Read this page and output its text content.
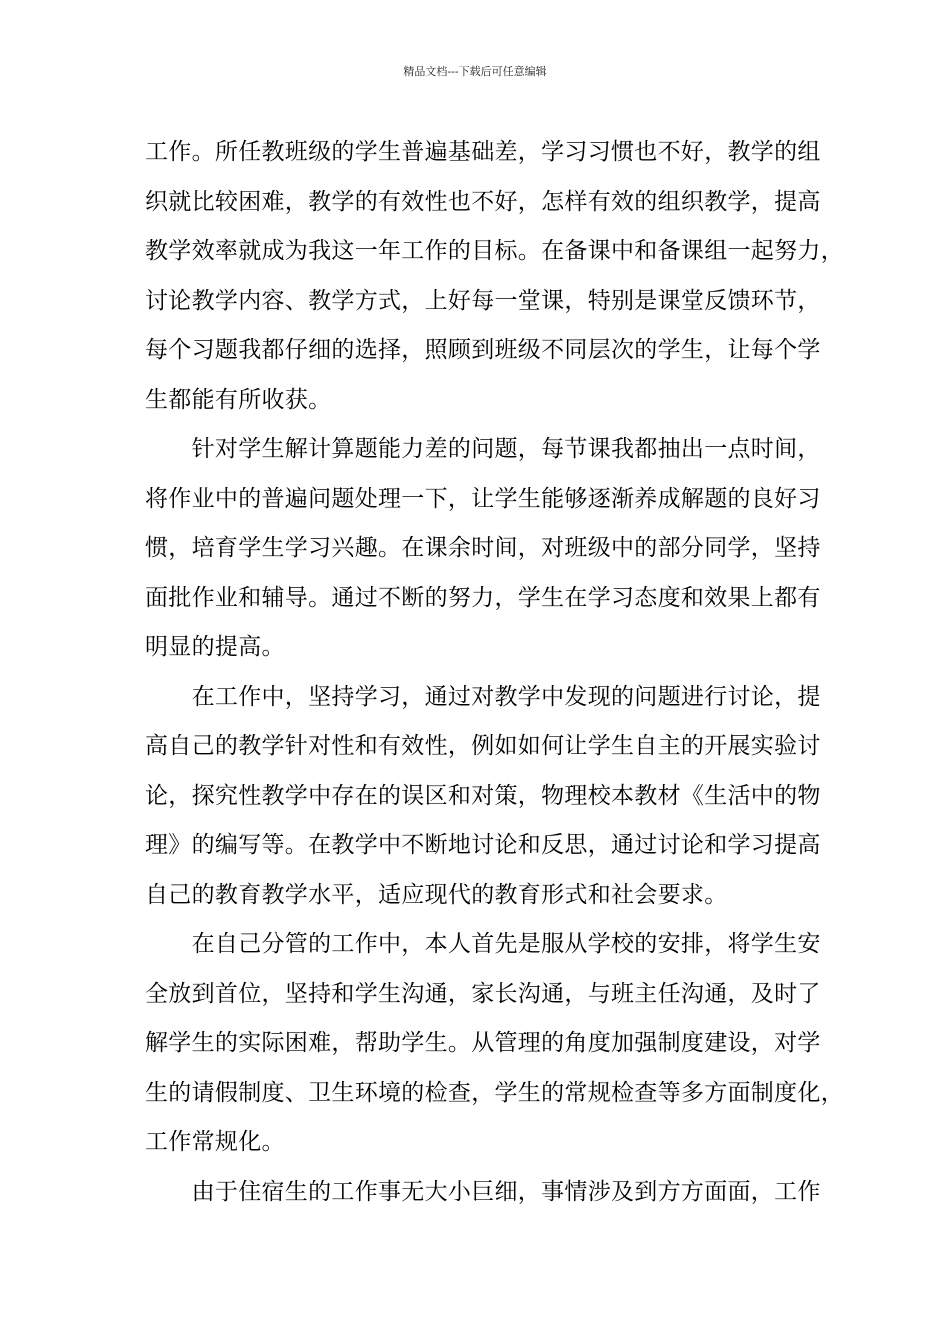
精品文档---下载后可任意编辑
工作。所任教班级的学生普遍基础差，学习习惯也不好，教学的组
织就比较困难，教学的有效性也不好，怎样有效的组织教学，提高
教学效率就成为我这一年工作的目标。在备课中和备课组一起努力，
讨论教学内容、教学方式，上好每一堂课，特别是课堂反馈环节，
每个习题我都仔细的选择，照顾到班级不同层次的学生，让每个学
生都能有所收获。
　　针对学生解计算题能力差的问题，每节课我都抽出一点时间，
将作业中的普遍问题处理一下，让学生能够逐渐养成解题的良好习
惯，培育学生学习兴趣。在课余时间，对班级中的部分同学，坚持
面批作业和辅导。通过不断的努力，学生在学习态度和效果上都有
明显的提高。
　　在工作中，坚持学习，通过对教学中发现的问题进行讨论，提
高自己的教学针对性和有效性，例如如何让学生自主的开展实验讨
论，探究性教学中存在的误区和对策，物理校本教材《生活中的物
理》的编写等。在教学中不断地讨论和反思，通过讨论和学习提高
自己的教育教学水平，适应现代的教育形式和社会要求。
　　在自己分管的工作中，本人首先是服从学校的安排，将学生安
全放到首位，坚持和学生沟通，家长沟通，与班主任沟通，及时了
解学生的实际困难，帮助学生。从管理的角度加强制度建设，对学
生的请假制度、卫生环境的检查，学生的常规检查等多方面制度化，
工作常规化。
　　由于住宿生的工作事无大小巨细，事情涉及到方方面面，工作
